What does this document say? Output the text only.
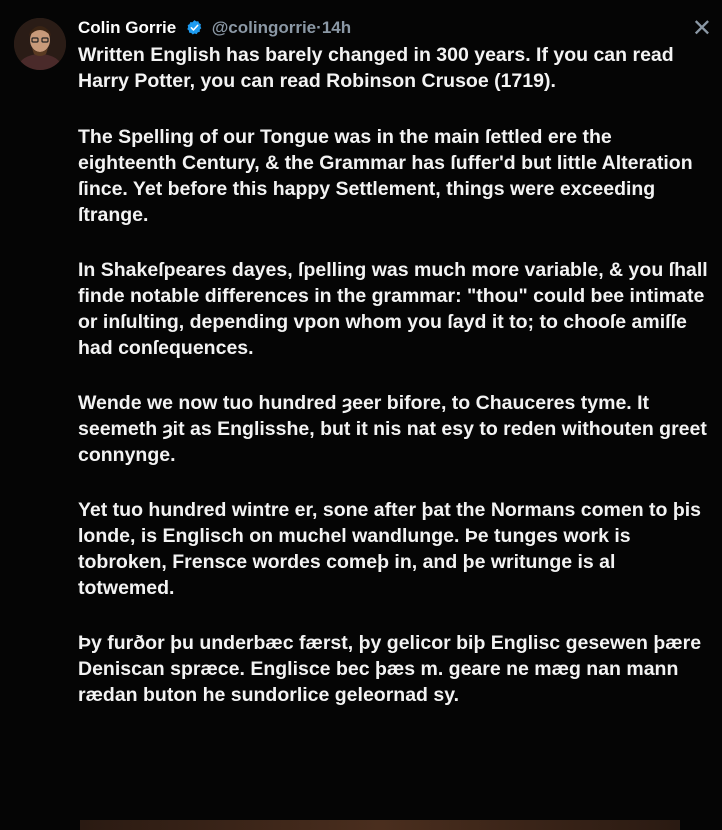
Colin Gorrie @colingorrie·14h	✕

Written English has barely changed in 300 years. If you can read Harry Potter, you can read Robinson Crusoe (1719).

The Spelling of our Tongue was in the main ſettled ere the eighteenth Century, & the Grammar has ſuffer'd but little Alteration ſince. Yet before this happy Settlement, things were exceeding ſtrange.

In Shakeſpeares dayes, ſpelling was much more variable, & you ſhall finde notable differences in the grammar: "thou" could bee intimate or inſulting, depending vpon whom you ſayd it to; to chooſe amiſſe had conſequences.

Wende we now tuo hundred ȝeer bifore, to Chauceres tyme. It seemeth ȝit as Englisshe, but it nis nat esy to reden withouten greet connynge.

Yet tuo hundred wintre er, sone after þat the Normans comen to þis londe, is Englisch on muchel wandlunge. Þe tunges work is tobroken, Frensce wordes comeþ in, and þe writunge is al totwemed.

Þy furðor þu underbæc færst, þy gelicor biþ Englisc gesewen þære Deniscan spræce. Englisce bec þæs m. geare ne mæg nan mann rædan buton he sundorlice geleornad sy.
